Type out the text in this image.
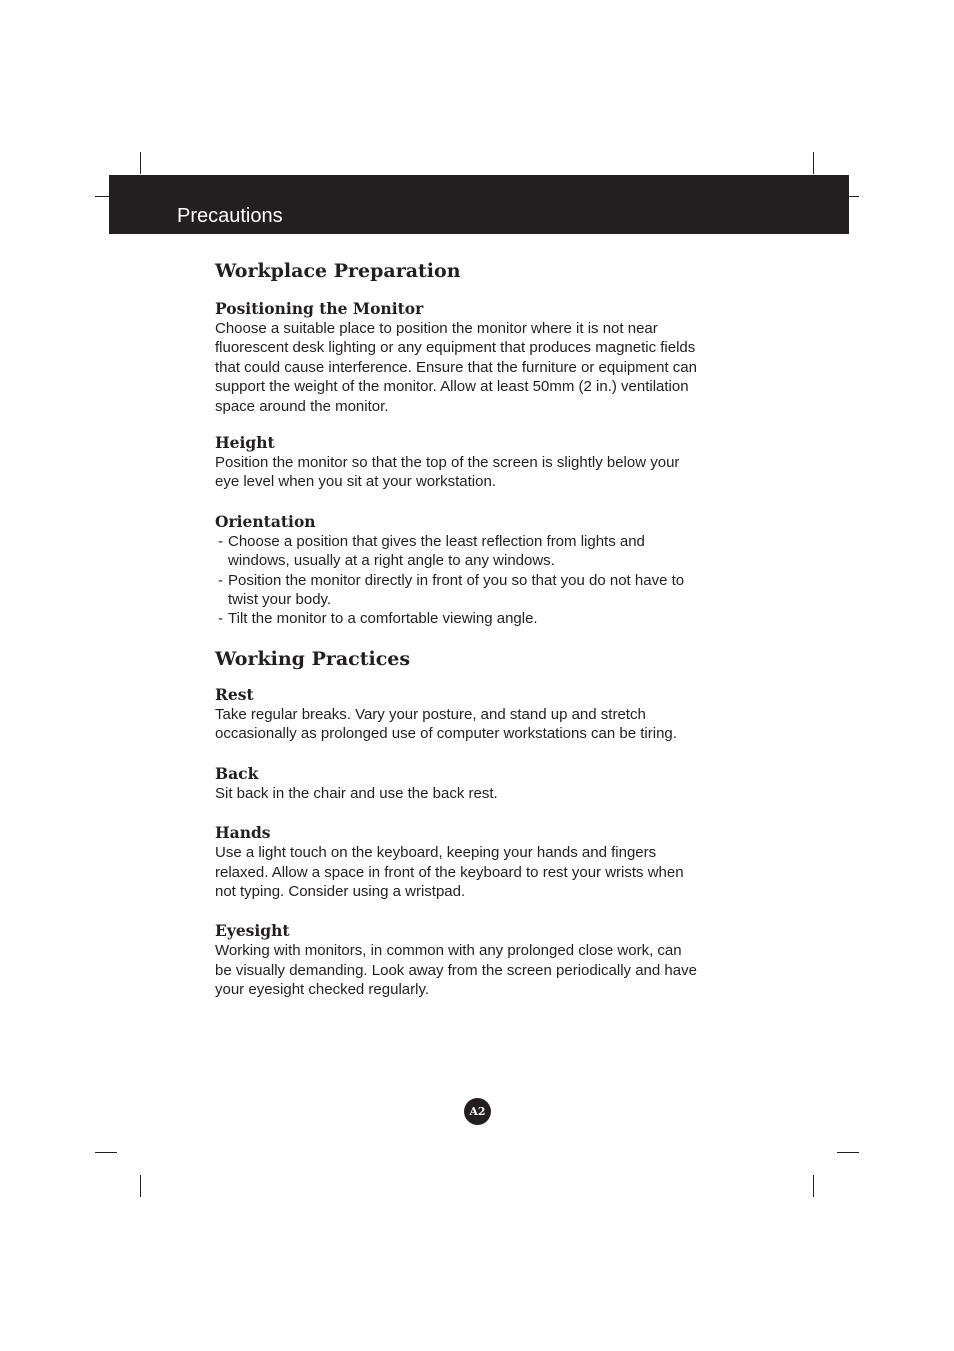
Precautions
Workplace Preparation
Positioning the Monitor

Choose a suitable place to position the monitor where it is not near
fluorescent desk lighting or any equipment that produces magnetic fields
that could cause interference. Ensure that the furniture or equipment can
support the weight of the monitor. Allow at least 50mm (2 in.) ventilation
space around the monitor.

Height

Position the monitor so that the top of the screen is slightly below your
eye level when you sit at your workstation.

Orientation
- Choose a position that gives the least reflection from lights and
windows, usually at a right angle to any windows.
- Position the monitor directly in front of you so that you do not have to
twist your body.
- Tilt the monitor to a comfortable viewing angle.
Working Practices
Rest

Take regular breaks. Vary your posture, and stand up and stretch
occasionally as prolonged use of computer workstations can be tiring.

Back

Sit back in the chair and use the back rest.

Hands

Use a light touch on the keyboard, keeping your hands and fingers
relaxed. Allow a space in front of the keyboard to rest your wrists when
not typing. Consider using a wristpad.

Eyesight

Working with monitors, in common with any prolonged close work, can
be visually demanding. Look away from the screen periodically and have
your eyesight checked regularly.

A2
